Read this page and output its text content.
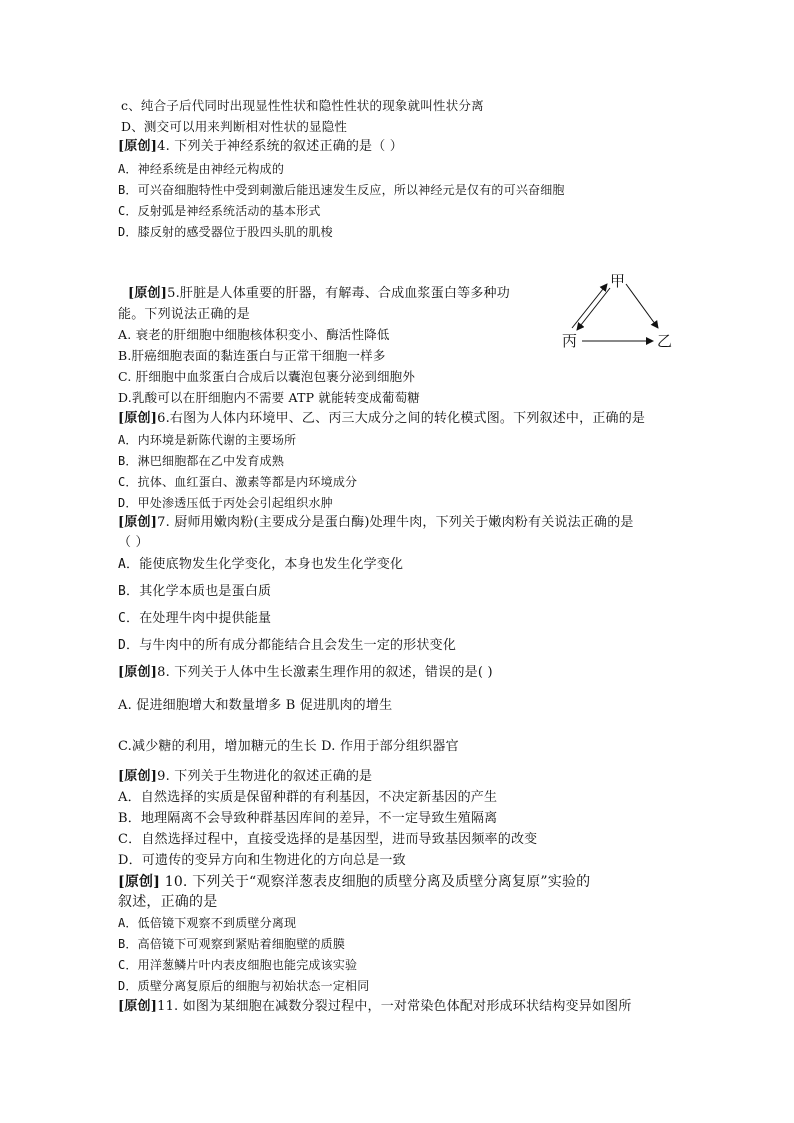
c、纯合子后代同时出现显性性状和隐性性状的现象就叫性状分离
D、测交可以用来判断相对性状的显隐性
[原创]4. 下列关于神经系统的叙述正确的是（ ）
A．神经系统是由神经元构成的
B．可兴奋细胞特性中受到刺激后能迅速发生反应，所以神经元是仅有的可兴奋细胞
C．反射弧是神经系统活动的基本形式
D．膝反射的感受器位于股四头肌的肌梭
[原创]5.肝脏是人体重要的肝器，有解毒、合成血浆蛋白等多种功
能。下列说法正确的是
A. 衰老的肝细胞中细胞核体积变小、酶活性降低
B.肝癌细胞表面的黏连蛋白与正常干细胞一样多
C. 肝细胞中血浆蛋白合成后以囊泡包裹分泌到细胞外
D.乳酸可以在肝细胞内不需要 ATP 就能转变成葡萄糖
甲
丙	乙
[原创]6.右图为人体内环境甲、乙、丙三大成分之间的转化模式图。下列叙述中，正确的是
A．内环境是新陈代谢的主要场所
B．淋巴细胞都在乙中发育成熟
C．抗体、血红蛋白、激素等都是内环境成分
D．甲处渗透压低于丙处会引起组织水肿
[原创]7. 厨师用嫩肉粉(主要成分是蛋白酶)处理牛肉，下列关于嫩肉粉有关说法正确的是
（ ）
A．能使底物发生化学变化，本身也发生化学变化
B．其化学本质也是蛋白质
C．在处理牛肉中提供能量
D．与牛肉中的所有成分都能结合且会发生一定的形状变化
[原创]8. 下列关于人体中生长激素生理作用的叙述，错误的是( )
A. 促进细胞增大和数量增多 B 促进肌肉的增生
C.减少糖的利用，增加糖元的生长 D. 作用于部分组织器官
[原创]9. 下列关于生物进化的叙述正确的是
A．自然选择的实质是保留种群的有利基因，不决定新基因的产生
B．地理隔离不会导致种群基因库间的差异，不一定导致生殖隔离
C．自然选择过程中，直接受选择的是基因型，进而导致基因频率的改变
D．可遗传的变异方向和生物进化的方向总是一致
[原创] 10. 下列关于“观察洋葱表皮细胞的质壁分离及质壁分离复原”实验的
叙述，正确的是
A．低倍镜下观察不到质壁分离现
B．高倍镜下可观察到紧贴着细胞壁的质膜
C．用洋葱鳞片叶内表皮细胞也能完成该实验
D．质壁分离复原后的细胞与初始状态一定相同
[原创]11. 如图为某细胞在减数分裂过程中，一对常染色体配对形成环状结构变异如图所
